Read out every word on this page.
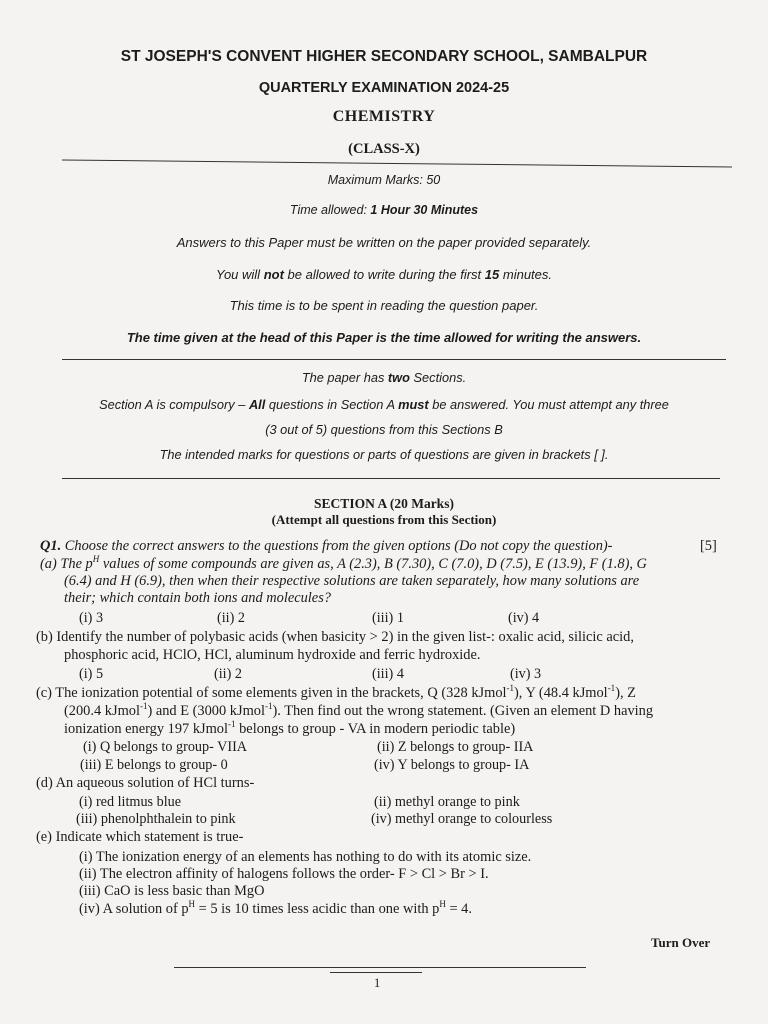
ST JOSEPH'S CONVENT HIGHER SECONDARY SCHOOL, SAMBALPUR
QUARTERLY EXAMINATION 2024-25
CHEMISTRY
(CLASS-X)
Maximum Marks: 50
Time allowed: 1 Hour 30 Minutes
Answers to this Paper must be written on the paper provided separately.
You will not be allowed to write during the first 15 minutes.
This time is to be spent in reading the question paper.
The time given at the head of this Paper is the time allowed for writing the answers.
The paper has two Sections.
Section A is compulsory – All questions in Section A must be answered. You must attempt any three
(3 out of 5) questions from this Sections B
The intended marks for questions or parts of questions are given in brackets [ ].
SECTION A (20 Marks)
(Attempt all questions from this Section)
Q1. Choose the correct answers to the questions from the given options (Do not copy the question)-	[5]
(a) The $p^H$ values of some compounds are given as, A (2.3), B (7.30), C (7.0), D (7.5), E (13.9), F (1.8), G
(6.4) and H (6.9), then when their respective solutions are taken separately, how many solutions are
their; which contain both ions and molecules?
(i) 3	(ii) 2	(iii) 1	(iv) 4
(b) Identify the number of polybasic acids (when basicity > 2) in the given list-: oxalic acid, silicic acid,
phosphoric acid, HClO, HCl, aluminum hydroxide and ferric hydroxide.
(i) 5	(ii) 2	(iii) 4	(iv) 3
(c) The ionization potential of some elements given in the brackets, Q (328 kJmol$^{-1}$), Y (48.4 kJmol$^{-1}$), Z
(200.4 kJmol$^{-1}$) and E (3000 kJmol$^{-1}$). Then find out the wrong statement. (Given an element D having
ionization energy 197 kJmol$^{-1}$ belongs to group - VA in modern periodic table)
(i) Q belongs to group- VIIA	(ii) Z belongs to group- IIA
(iii) E belongs to group- 0	(iv) Y belongs to group- IA
(d) An aqueous solution of HCl turns-
(i) red litmus blue	(ii) methyl orange to pink
(iii) phenolphthalein to pink	(iv) methyl orange to colourless
(e) Indicate which statement is true-
(i) The ionization energy of an elements has nothing to do with its atomic size.
(ii) The electron affinity of halogens follows the order- F > Cl > Br > I.
(iii) CaO is less basic than MgO
(iv) A solution of $p^H = 5$ is 10 times less acidic than one with $p^H = 4$.
Turn Over
1
